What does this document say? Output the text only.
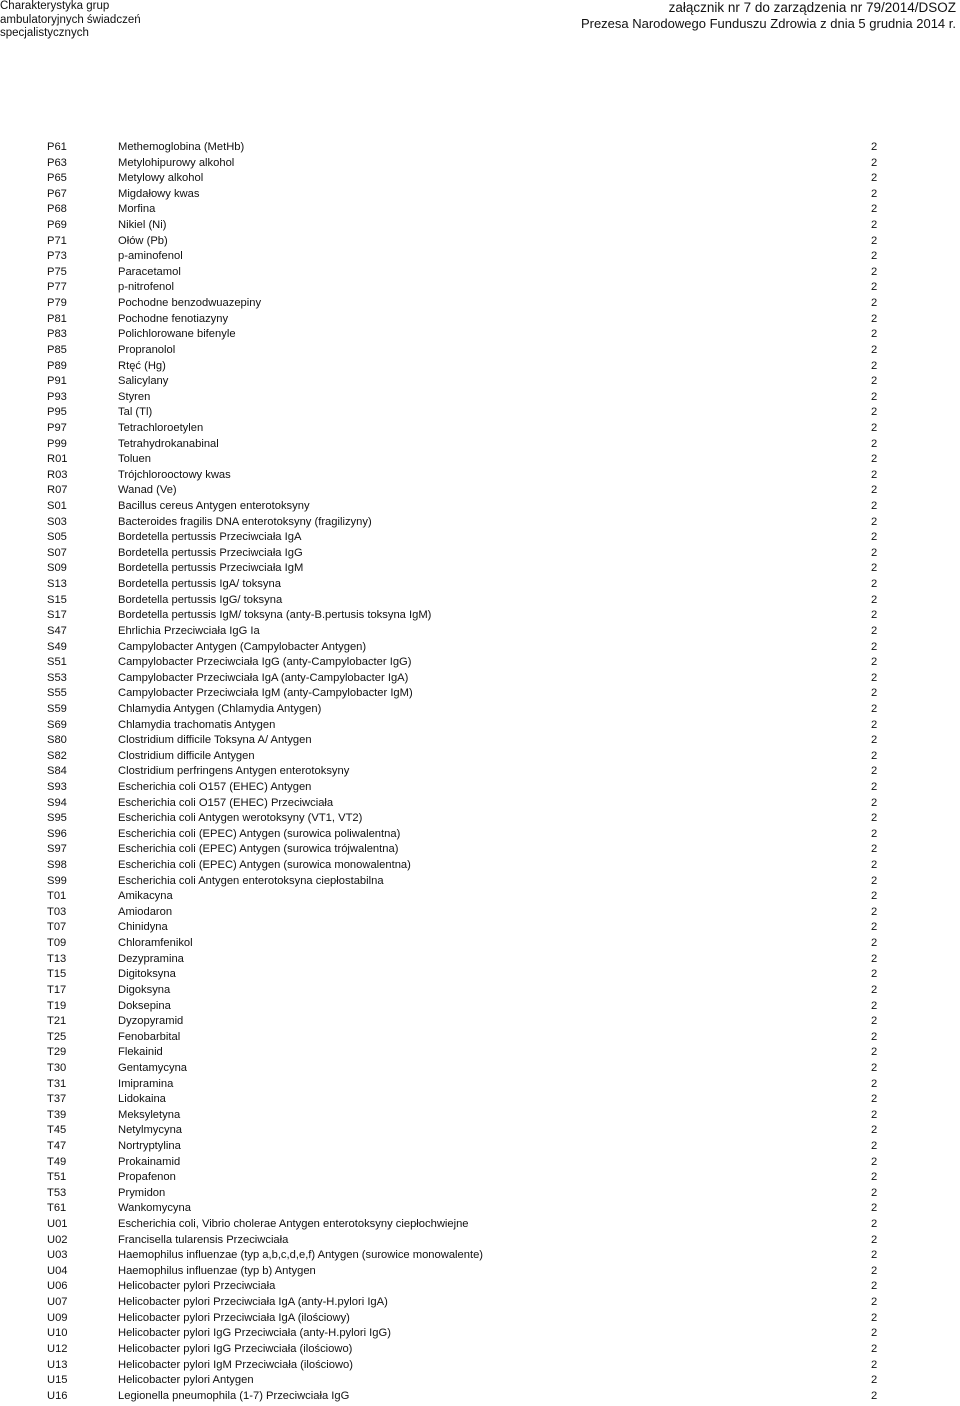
Charakterystyka grup
ambulatoryjnych świadczeń
specjalistycznych
załącznik nr 7 do zarządzenia nr 79/2014/DSOZ
Prezesa Narodowego Funduszu Zdrowia z dnia 5 grudnia 2014 r.
P61	Methemoglobina (MetHb)	2
P63	Metylohipurowy alkohol	2
P65	Metylowy alkohol	2
P67	Migdałowy kwas	2
P68	Morfina	2
P69	Nikiel (Ni)	2
P71	Ołów (Pb)	2
P73	p-aminofenol	2
P75	Paracetamol	2
P77	p-nitrofenol	2
P79	Pochodne benzodwuazepiny	2
P81	Pochodne fenotiazyny	2
P83	Polichlorowane bifenyle	2
P85	Propranolol	2
P89	Rtęć (Hg)	2
P91	Salicylany	2
P93	Styren	2
P95	Tal (Tl)	2
P97	Tetrachloroetylen	2
P99	Tetrahydrokanabinal	2
R01	Toluen	2
R03	Trójchlorooctowy kwas	2
R07	Wanad (Ve)	2
S01	Bacillus cereus Antygen enterotoksyny	2
S03	Bacteroides fragilis DNA enterotoksyny (fragilizyny)	2
S05	Bordetella pertussis Przeciwciała IgA	2
S07	Bordetella pertussis Przeciwciała IgG	2
S09	Bordetella pertussis Przeciwciała IgM	2
S13	Bordetella pertussis IgA/ toksyna	2
S15	Bordetella pertussis IgG/ toksyna	2
S17	Bordetella pertussis IgM/ toksyna (anty-B.pertusis toksyna IgM)	2
S47	Ehrlichia Przeciwciała IgG Ia	2
S49	Campylobacter Antygen (Campylobacter Antygen)	2
S51	Campylobacter Przeciwciała IgG (anty-Campylobacter IgG)	2
S53	Campylobacter Przeciwciała IgA (anty-Campylobacter IgA)	2
S55	Campylobacter Przeciwciała IgM (anty-Campylobacter IgM)	2
S59	Chlamydia Antygen (Chlamydia Antygen)	2
S69	Chlamydia trachomatis Antygen	2
S80	Clostridium difficile Toksyna A/ Antygen	2
S82	Clostridium difficile Antygen	2
S84	Clostridium perfringens Antygen enterotoksyny	2
S93	Escherichia coli O157 (EHEC) Antygen	2
S94	Escherichia coli O157 (EHEC) Przeciwciała	2
S95	Escherichia coli Antygen werotoksyny (VT1, VT2)	2
S96	Escherichia coli (EPEC) Antygen (surowica poliwalentna)	2
S97	Escherichia coli (EPEC) Antygen (surowica trójwalentna)	2
S98	Escherichia coli (EPEC) Antygen (surowica monowalentna)	2
S99	Escherichia coli Antygen enterotoksyna ciepłostabilna	2
T01	Amikacyna	2
T03	Amiodaron	2
T07	Chinidyna	2
T09	Chloramfenikol	2
T13	Dezypramina	2
T15	Digitoksyna	2
T17	Digoksyna	2
T19	Doksepina	2
T21	Dyzopyramid	2
T25	Fenobarbital	2
T29	Flekainid	2
T30	Gentamycyna	2
T31	Imipramina	2
T37	Lidokaina	2
T39	Meksyletyna	2
T45	Netylmycyna	2
T47	Nortryptylina	2
T49	Prokainamid	2
T51	Propafenon	2
T53	Prymidon	2
T61	Wankomycyna	2
U01	Escherichia coli, Vibrio cholerae Antygen enterotoksyny ciepłochwiejne	2
U02	Francisella tularensis Przeciwciała	2
U03	Haemophilus influenzae (typ a,b,c,d,e,f) Antygen (surowice monowalente)	2
U04	Haemophilus influenzae (typ b) Antygen	2
U06	Helicobacter pylori Przeciwciała	2
U07	Helicobacter pylori Przeciwciała IgA (anty-H.pylori IgA)	2
U09	Helicobacter pylori Przeciwciała IgA (ilościowy)	2
U10	Helicobacter pylori IgG Przeciwciała (anty-H.pylori IgG)	2
U12	Helicobacter pylori IgG Przeciwciała (ilościowo)	2
U13	Helicobacter pylori IgM Przeciwciała (ilościowo)	2
U15	Helicobacter pylori Antygen	2
U16	Legionella pneumophila (1-7) Przeciwciała IgG	2
